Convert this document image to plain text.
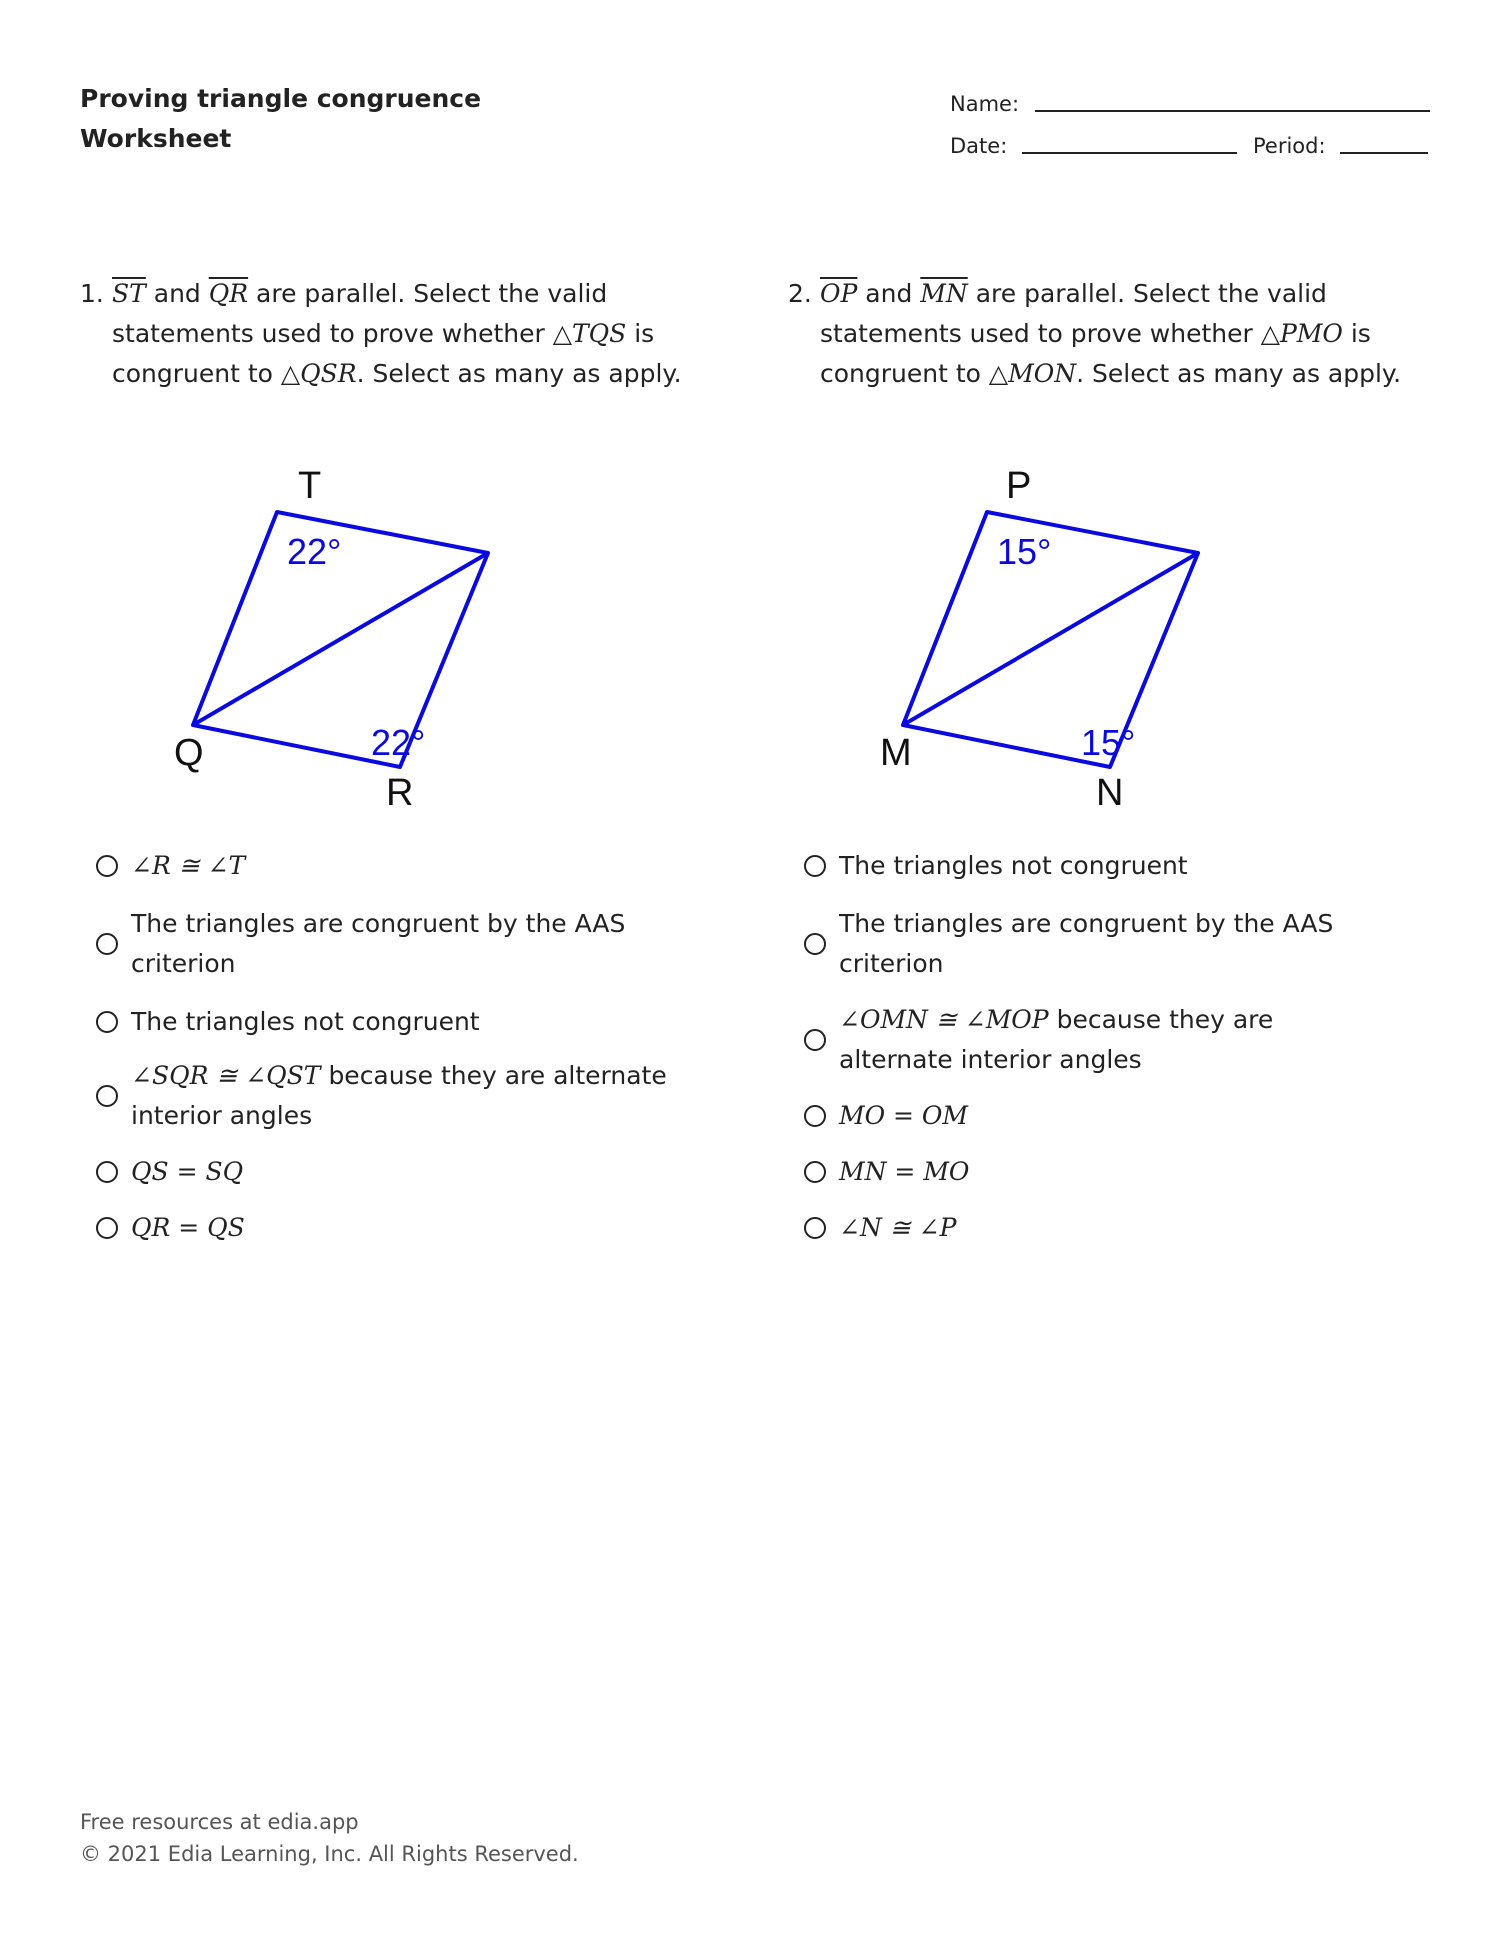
Proving triangle congruence
Worksheet
Name:
Date:	Period:
1. $\overline{ST}$ and $\overline{QR}$ are parallel. Select the valid
statements used to prove whether △TQS is
congruent to △QSR. Select as many as apply.
T
Q
R
22°
22°
∠R ≅ ∠T
The triangles are congruent by the AAS criterion
The triangles not congruent
∠SQR ≅ ∠QST because they are alternate interior angles
QS = SQ
QR = QS
2. $\overline{OP}$ and $\overline{MN}$ are parallel. Select the valid
statements used to prove whether △PMO is
congruent to △MON. Select as many as apply.
P
M
N
15°
15°
The triangles not congruent
The triangles are congruent by the AAS criterion
∠OMN ≅ ∠MOP because they are alternate interior angles
MO = OM
MN = MO
∠N ≅ ∠P
Free resources at edia.app
© 2021 Edia Learning, Inc. All Rights Reserved.
